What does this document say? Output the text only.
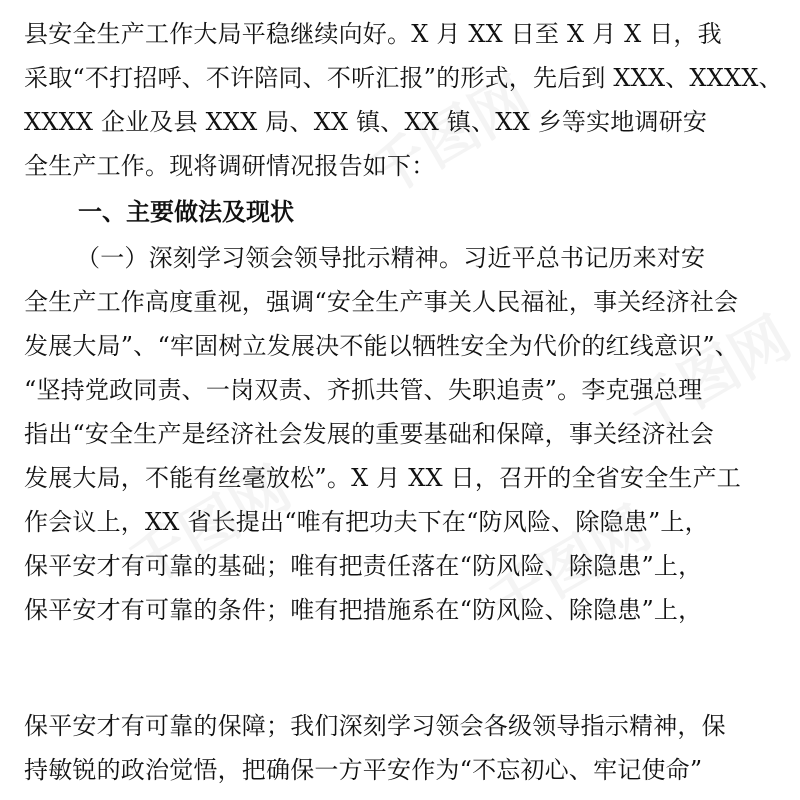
县安全生产工作大局平稳继续向好。X 月 XX 日至 X 月 X 日，我
采取“不打招呼、不许陪同、不听汇报”的形式，先后到 XXX、XXXX、
XXXX 企业及县 XXX 局、XX 镇、XX 镇、XX 乡等实地调研安
全生产工作。现将调研情况报告如下：
一、主要做法及现状
（一）深刻学习领会领导批示精神。习近平总书记历来对安
全生产工作高度重视，强调“安全生产事关人民福祉，事关经济社会
发展大局”、“牢固树立发展决不能以牺牲安全为代价的红线意识”、
“坚持党政同责、一岗双责、齐抓共管、失职追责”。李克强总理
指出“安全生产是经济社会发展的重要基础和保障，事关经济社会
发展大局，不能有丝毫放松”。X 月 XX 日，召开的全省安全生产工
作会议上，XX 省长提出“唯有把功夫下在“防风险、除隐患”上，
保平安才有可靠的基础；唯有把责任落在“防风险、除隐患”上，
保平安才有可靠的条件；唯有把措施系在“防风险、除隐患”上，
保平安才有可靠的保障；我们深刻学习领会各级领导指示精神，保
持敏锐的政治觉悟，把确保一方平安作为“不忘初心、牢记使命”
